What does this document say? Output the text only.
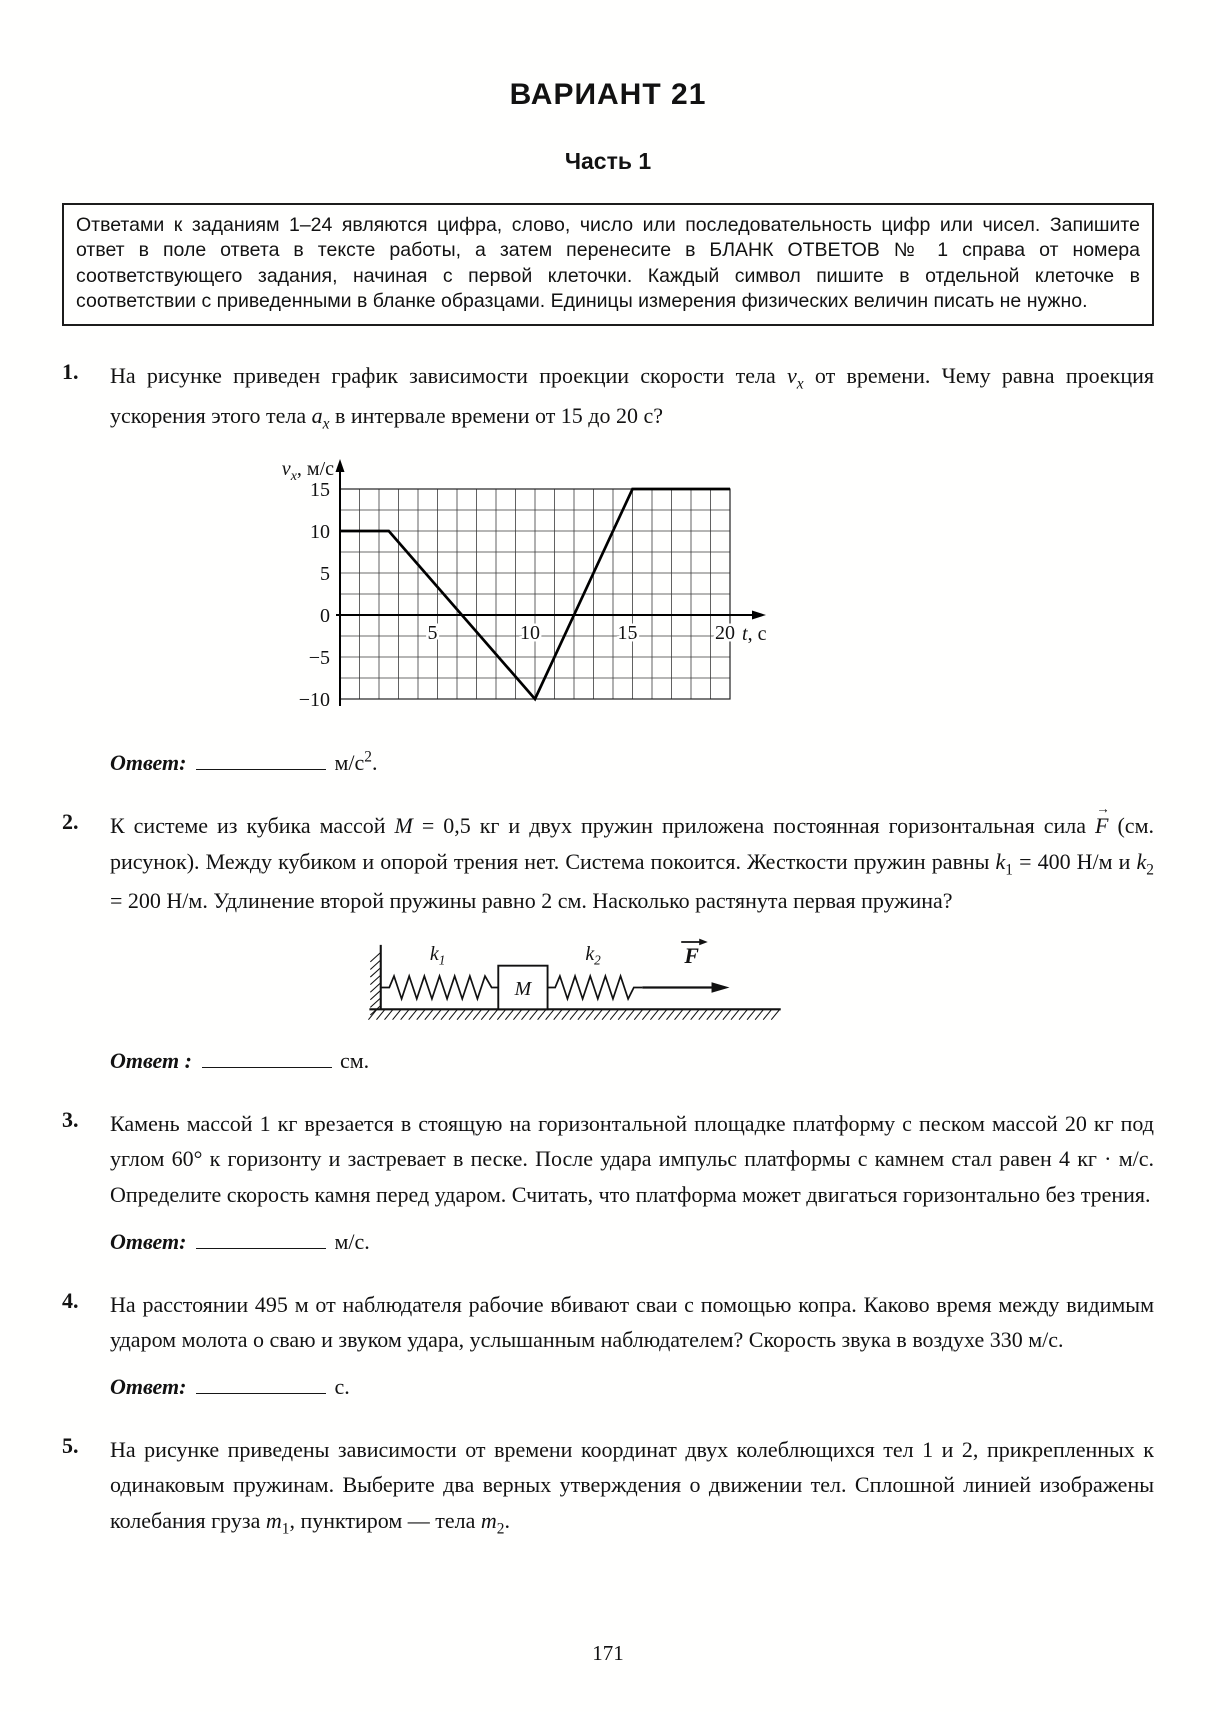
ВАРИАНТ 21
Часть 1

Ответами к заданиям 1–24 являются цифра, слово, число или последовательность цифр или чисел. Запишите ответ в поле ответа в тексте работы, а затем перенесите в БЛАНК ОТВЕТОВ № 1 справа от номера соответствующего задания, начиная с первой клеточки. Каждый символ пишите в отдельной клеточке в соответствии с приведенными в бланке образцами. Единицы измерения физических величин писать не нужно.

1.	На рисунке приведен график зависимости проекции скорости тела $v_x$ от времени. Чему равна проекция ускорения этого тела $a_x$ в интервале времени от 15 до 20 с?

$v_x$, м/с
t, c
15
10
5
0
−5
−10
5	10	15	20

Ответ:	$м/с^2$.

2.	К системе из кубика массой M = 0,5 кг и двух пружин приложена постоянная горизонтальная сила F → (см. рисунок). Между кубиком и опорой трения нет. Система покоится. Жесткости пружин равны $k_1 = 400$ Н/м и $k_2 = 200$ Н/м. Удлинение второй пружины равно 2 см. Насколько растянута первая пружина?

M
$k_1$	$k_2$	F

Ответ :	см.

3.	Камень массой 1 кг врезается в стоящую на горизонтальной площадке платформу с песком массой 20 кг под углом 60° к горизонту и застревает в песке. После удара импульс платформы с камнем стал равен 4 кг · м/с. Определите скорость камня перед ударом. Считать, что платформа может двигаться горизонтально без трения.

Ответ:	м/с.

4.	На расстоянии 495 м от наблюдателя рабочие вбивают сваи с помощью копра. Каково время между видимым ударом молота о сваю и звуком удара, услышанным наблюдателем? Скорость звука в воздухе 330 м/с.

Ответ:	с.

5.	На рисунке приведены зависимости от времени координат двух колеблющихся тел 1 и 2, прикрепленных к одинаковым пружинам. Выберите два верных утверждения о движении тел. Сплошной линией изображены колебания груза $m_1$, пунктиром — тела $m_2$.

171
